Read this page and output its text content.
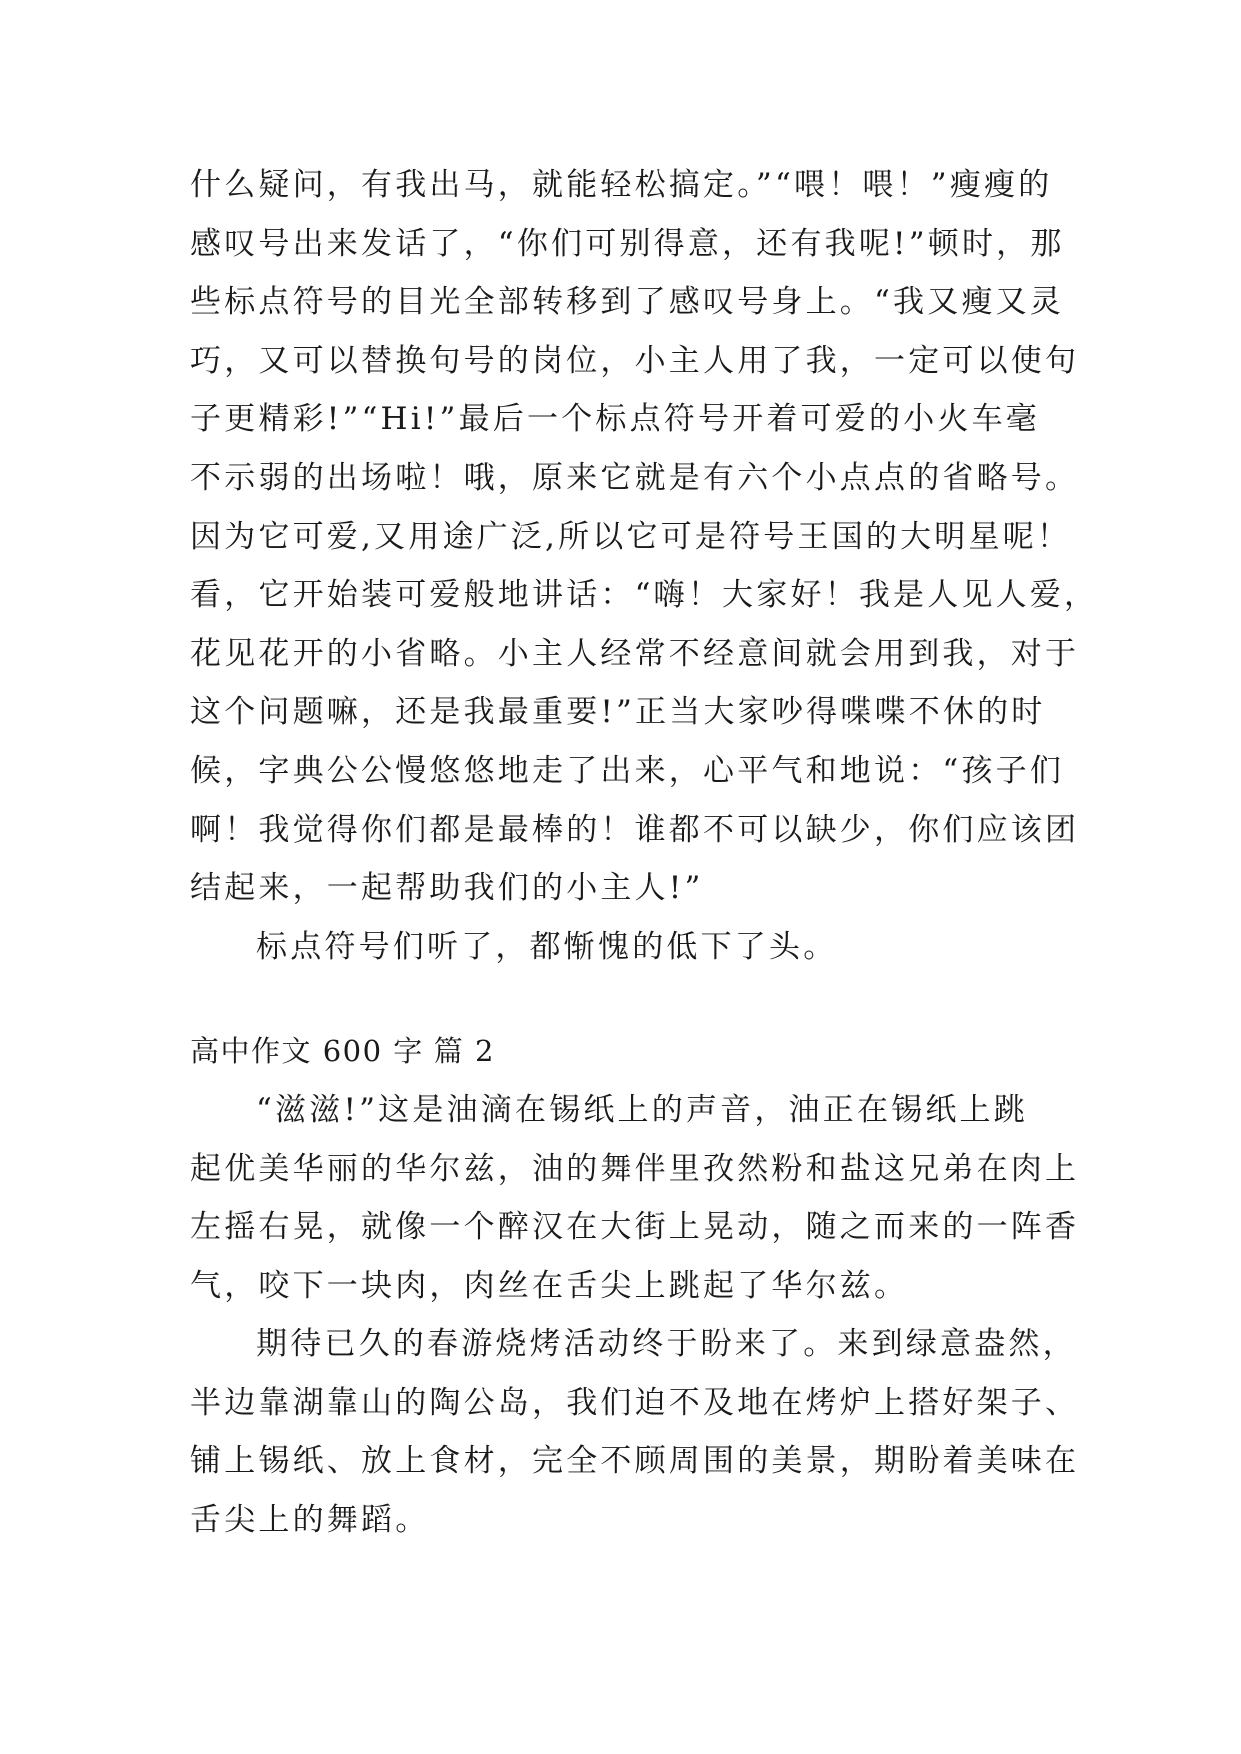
什么疑问，有我出马，就能轻松搞定。”“喂！喂！”瘦瘦的
感叹号出来发话了，“你们可别得意，还有我呢!”顿时，那
些标点符号的目光全部转移到了感叹号身上。“我又瘦又灵
巧，又可以替换句号的岗位，小主人用了我，一定可以使句
子更精彩!”“Hi!”最后一个标点符号开着可爱的小火车毫
不示弱的出场啦！哦，原来它就是有六个小点点的省略号。
因为它可爱,又用途广泛,所以它可是符号王国的大明星呢！
看，它开始装可爱般地讲话：“嗨！大家好！我是人见人爱，
花见花开的小省略。小主人经常不经意间就会用到我，对于
这个问题嘛，还是我最重要!”正当大家吵得喋喋不休的时
候，字典公公慢悠悠地走了出来，心平气和地说：“孩子们
啊！我觉得你们都是最棒的！谁都不可以缺少，你们应该团
结起来，一起帮助我们的小主人!”
标点符号们听了，都惭愧的低下了头。
高中作文 600 字 篇 2
“滋滋!”这是油滴在锡纸上的声音，油正在锡纸上跳
起优美华丽的华尔兹，油的舞伴里孜然粉和盐这兄弟在肉上
左摇右晃，就像一个醉汉在大街上晃动，随之而来的一阵香
气，咬下一块肉，肉丝在舌尖上跳起了华尔兹。
期待已久的春游烧烤活动终于盼来了。来到绿意盎然，
半边靠湖靠山的陶公岛，我们迫不及地在烤炉上搭好架子、
铺上锡纸、放上食材，完全不顾周围的美景，期盼着美味在
舌尖上的舞蹈。
